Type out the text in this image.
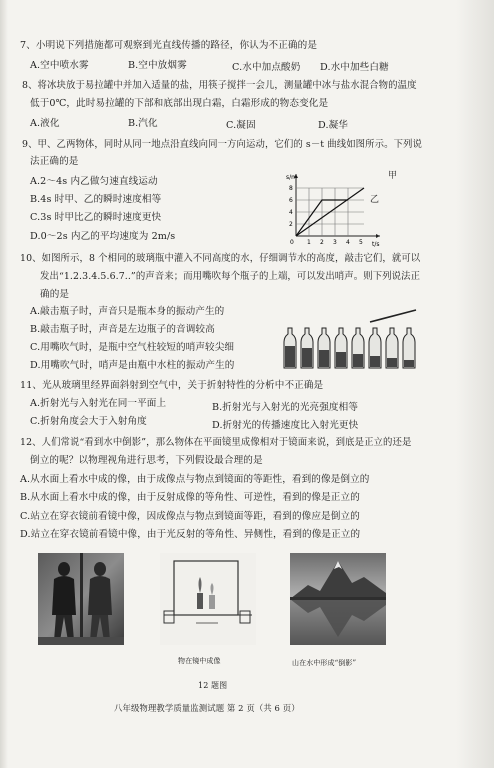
7、小明说下列措施都可观察到光直线传播的路径，你认为不正确的是
A.空中喷水雾	B.空中放烟雾	C.水中加点酸奶 D.水中加些白糖
8、将冰块放于易拉罐中并加入适量的盐，用筷子搅拌一会儿，测量罐中冰与盐水混合物的温度
低于0℃，此时易拉罐的下部和底部出现白霜，白霜形成的物态变化是
A.液化	B.汽化	C.凝固	D.凝华
9、甲、乙两物体，同时从同一地点沿直线向同一方向运动，它们的 s－t 曲线如图所示。下列说
法正确的是
A.2～4s 内乙做匀速直线运动
B.4s 时甲、乙的瞬时速度相等
C.3s 时甲比乙的瞬时速度更快
D.0～2s 内乙的平均速度为 2m/s
s/m
t/s
0 1 2 3 4 5
2
4
6
8
甲
乙
10、如图所示，8 个相同的玻璃瓶中灌入不同高度的水，仔细调节水的高度，敲击它们，就可以
发出“1.2.3.4.5.6.7..”的声音来；而用嘴吹每个瓶子的上端，可以发出哨声。则下列说法正
确的是
A.敲击瓶子时，声音只是瓶本身的振动产生的
B.敲击瓶子时，声音是左边瓶子的音调较高
C.用嘴吹气时，是瓶中空气柱较短的哨声较尖细
D.用嘴吹气时，哨声是由瓶中水柱的振动产生的
11、光从玻璃里经界面斜射到空气中，关于折射特性的分析中不正确是
A.折射光与入射光在同一平面上	B.折射光与入射光的光亮强度相等
C.折射角度会大于入射角度	D.折射光的传播速度比入射光更快
12、人们常说“看到水中倒影”，那么物体在平面镜里成像相对于镜面来说，到底是正立的还是
倒立的呢？以物理视角进行思考，下列假设最合理的是
A.从水面上看水中成的像，由于成像点与物点到镜面的等距性，看到的像是倒立的
B.从水面上看水中成的像，由于反射成像的等角性、可逆性，看到的像是正立的
C.站立在穿衣镜前看镜中像，因成像点与物点到镜面等距，看到的像应是倒立的
D.站立在穿衣镜前看镜中像，由于光反射的等角性、异侧性，看到的像是正立的
物在镜中成像	山在水中形成“倒影”
12 题图
八年级物理教学质量监测试题 第 2 页（共 6 页）
